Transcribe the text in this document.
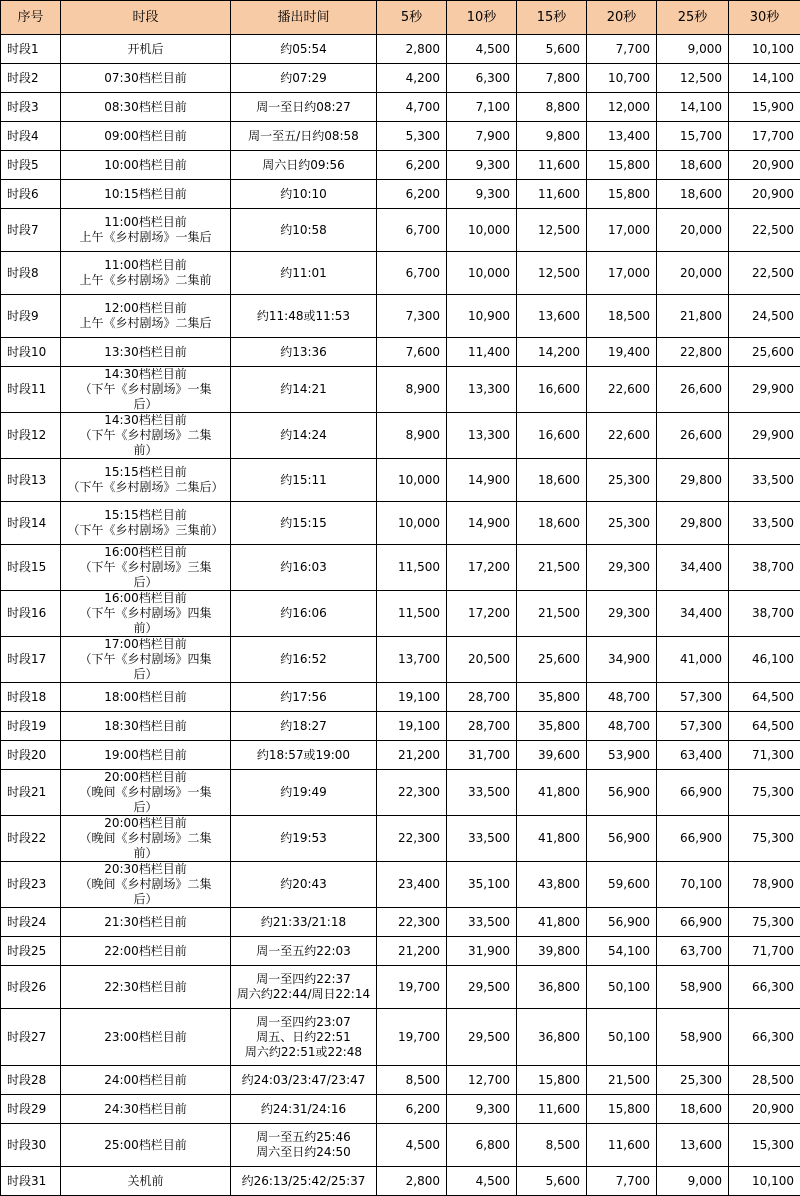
序号	时段	播出时间	5秒	10秒	15秒	20秒	25秒	30秒
时段1	开机后	约05:54	2,800	4,500	5,600	7,700	9,000	10,100
时段2	07:30档栏目前	约07:29	4,200	6,300	7,800	10,700	12,500	14,100
时段3	08:30档栏目前	周一至日约08:27	4,700	7,100	8,800	12,000	14,100	15,900
时段4	09:00档栏目前	周一至五/日约08:58	5,300	7,900	9,800	13,400	15,700	17,700
时段5	10:00档栏目前	周六日约09:56	6,200	9,300	11,600	15,800	18,600	20,900
时段6	10:15档栏目前	约10:10	6,200	9,300	11,600	15,800	18,600	20,900
时段7	11:00档栏目前
上午《乡村剧场》一集后	约10:58	6,700	10,000	12,500	17,000	20,000	22,500
时段8	11:00档栏目前
上午《乡村剧场》二集前	约11:01	6,700	10,000	12,500	17,000	20,000	22,500
时段9	12:00档栏目前
上午《乡村剧场》二集后	约11:48或11:53	7,300	10,900	13,600	18,500	21,800	24,500
时段10	13:30档栏目前	约13:36	7,600	11,400	14,200	19,400	22,800	25,600
时段11	14:30档栏目前
（下午《乡村剧场》一集
后）	约14:21	8,900	13,300	16,600	22,600	26,600	29,900
时段12	14:30档栏目前
（下午《乡村剧场》二集
前）	约14:24	8,900	13,300	16,600	22,600	26,600	29,900
时段13	15:15档栏目前
（下午《乡村剧场》二集后）	约15:11	10,000	14,900	18,600	25,300	29,800	33,500
时段14	15:15档栏目前
（下午《乡村剧场》三集前）	约15:15	10,000	14,900	18,600	25,300	29,800	33,500
时段15	16:00档栏目前
（下午《乡村剧场》三集
后）	约16:03	11,500	17,200	21,500	29,300	34,400	38,700
时段16	16:00档栏目前
（下午《乡村剧场》四集
前）	约16:06	11,500	17,200	21,500	29,300	34,400	38,700
时段17	17:00档栏目前
（下午《乡村剧场》四集
后）	约16:52	13,700	20,500	25,600	34,900	41,000	46,100
时段18	18:00档栏目前	约17:56	19,100	28,700	35,800	48,700	57,300	64,500
时段19	18:30档栏目前	约18:27	19,100	28,700	35,800	48,700	57,300	64,500
时段20	19:00档栏目前	约18:57或19:00	21,200	31,700	39,600	53,900	63,400	71,300
时段21	20:00档栏目前
（晚间《乡村剧场》一集
后）	约19:49	22,300	33,500	41,800	56,900	66,900	75,300
时段22	20:00档栏目前
（晚间《乡村剧场》二集
前）	约19:53	22,300	33,500	41,800	56,900	66,900	75,300
时段23	20:30档栏目前
（晚间《乡村剧场》二集
后）	约20:43	23,400	35,100	43,800	59,600	70,100	78,900
时段24	21:30档栏目前	约21:33/21:18	22,300	33,500	41,800	56,900	66,900	75,300
时段25	22:00档栏目前	周一至五约22:03	21,200	31,900	39,800	54,100	63,700	71,700
时段26	22:30档栏目前	周一至四约22:37
周六约22:44/周日22:14	19,700	29,500	36,800	50,100	58,900	66,300
时段27	23:00档栏目前	周一至四约23:07
周五、日约22:51
周六约22:51或22:48	19,700	29,500	36,800	50,100	58,900	66,300
时段28	24:00档栏目前	约24:03/23:47/23:47	8,500	12,700	15,800	21,500	25,300	28,500
时段29	24:30档栏目前	约24:31/24:16	6,200	9,300	11,600	15,800	18,600	20,900
时段30	25:00档栏目前	周一至五约25:46
周六至日约24:50	4,500	6,800	8,500	11,600	13,600	15,300
时段31	关机前	约26:13/25:42/25:37	2,800	4,500	5,600	7,700	9,000	10,100
